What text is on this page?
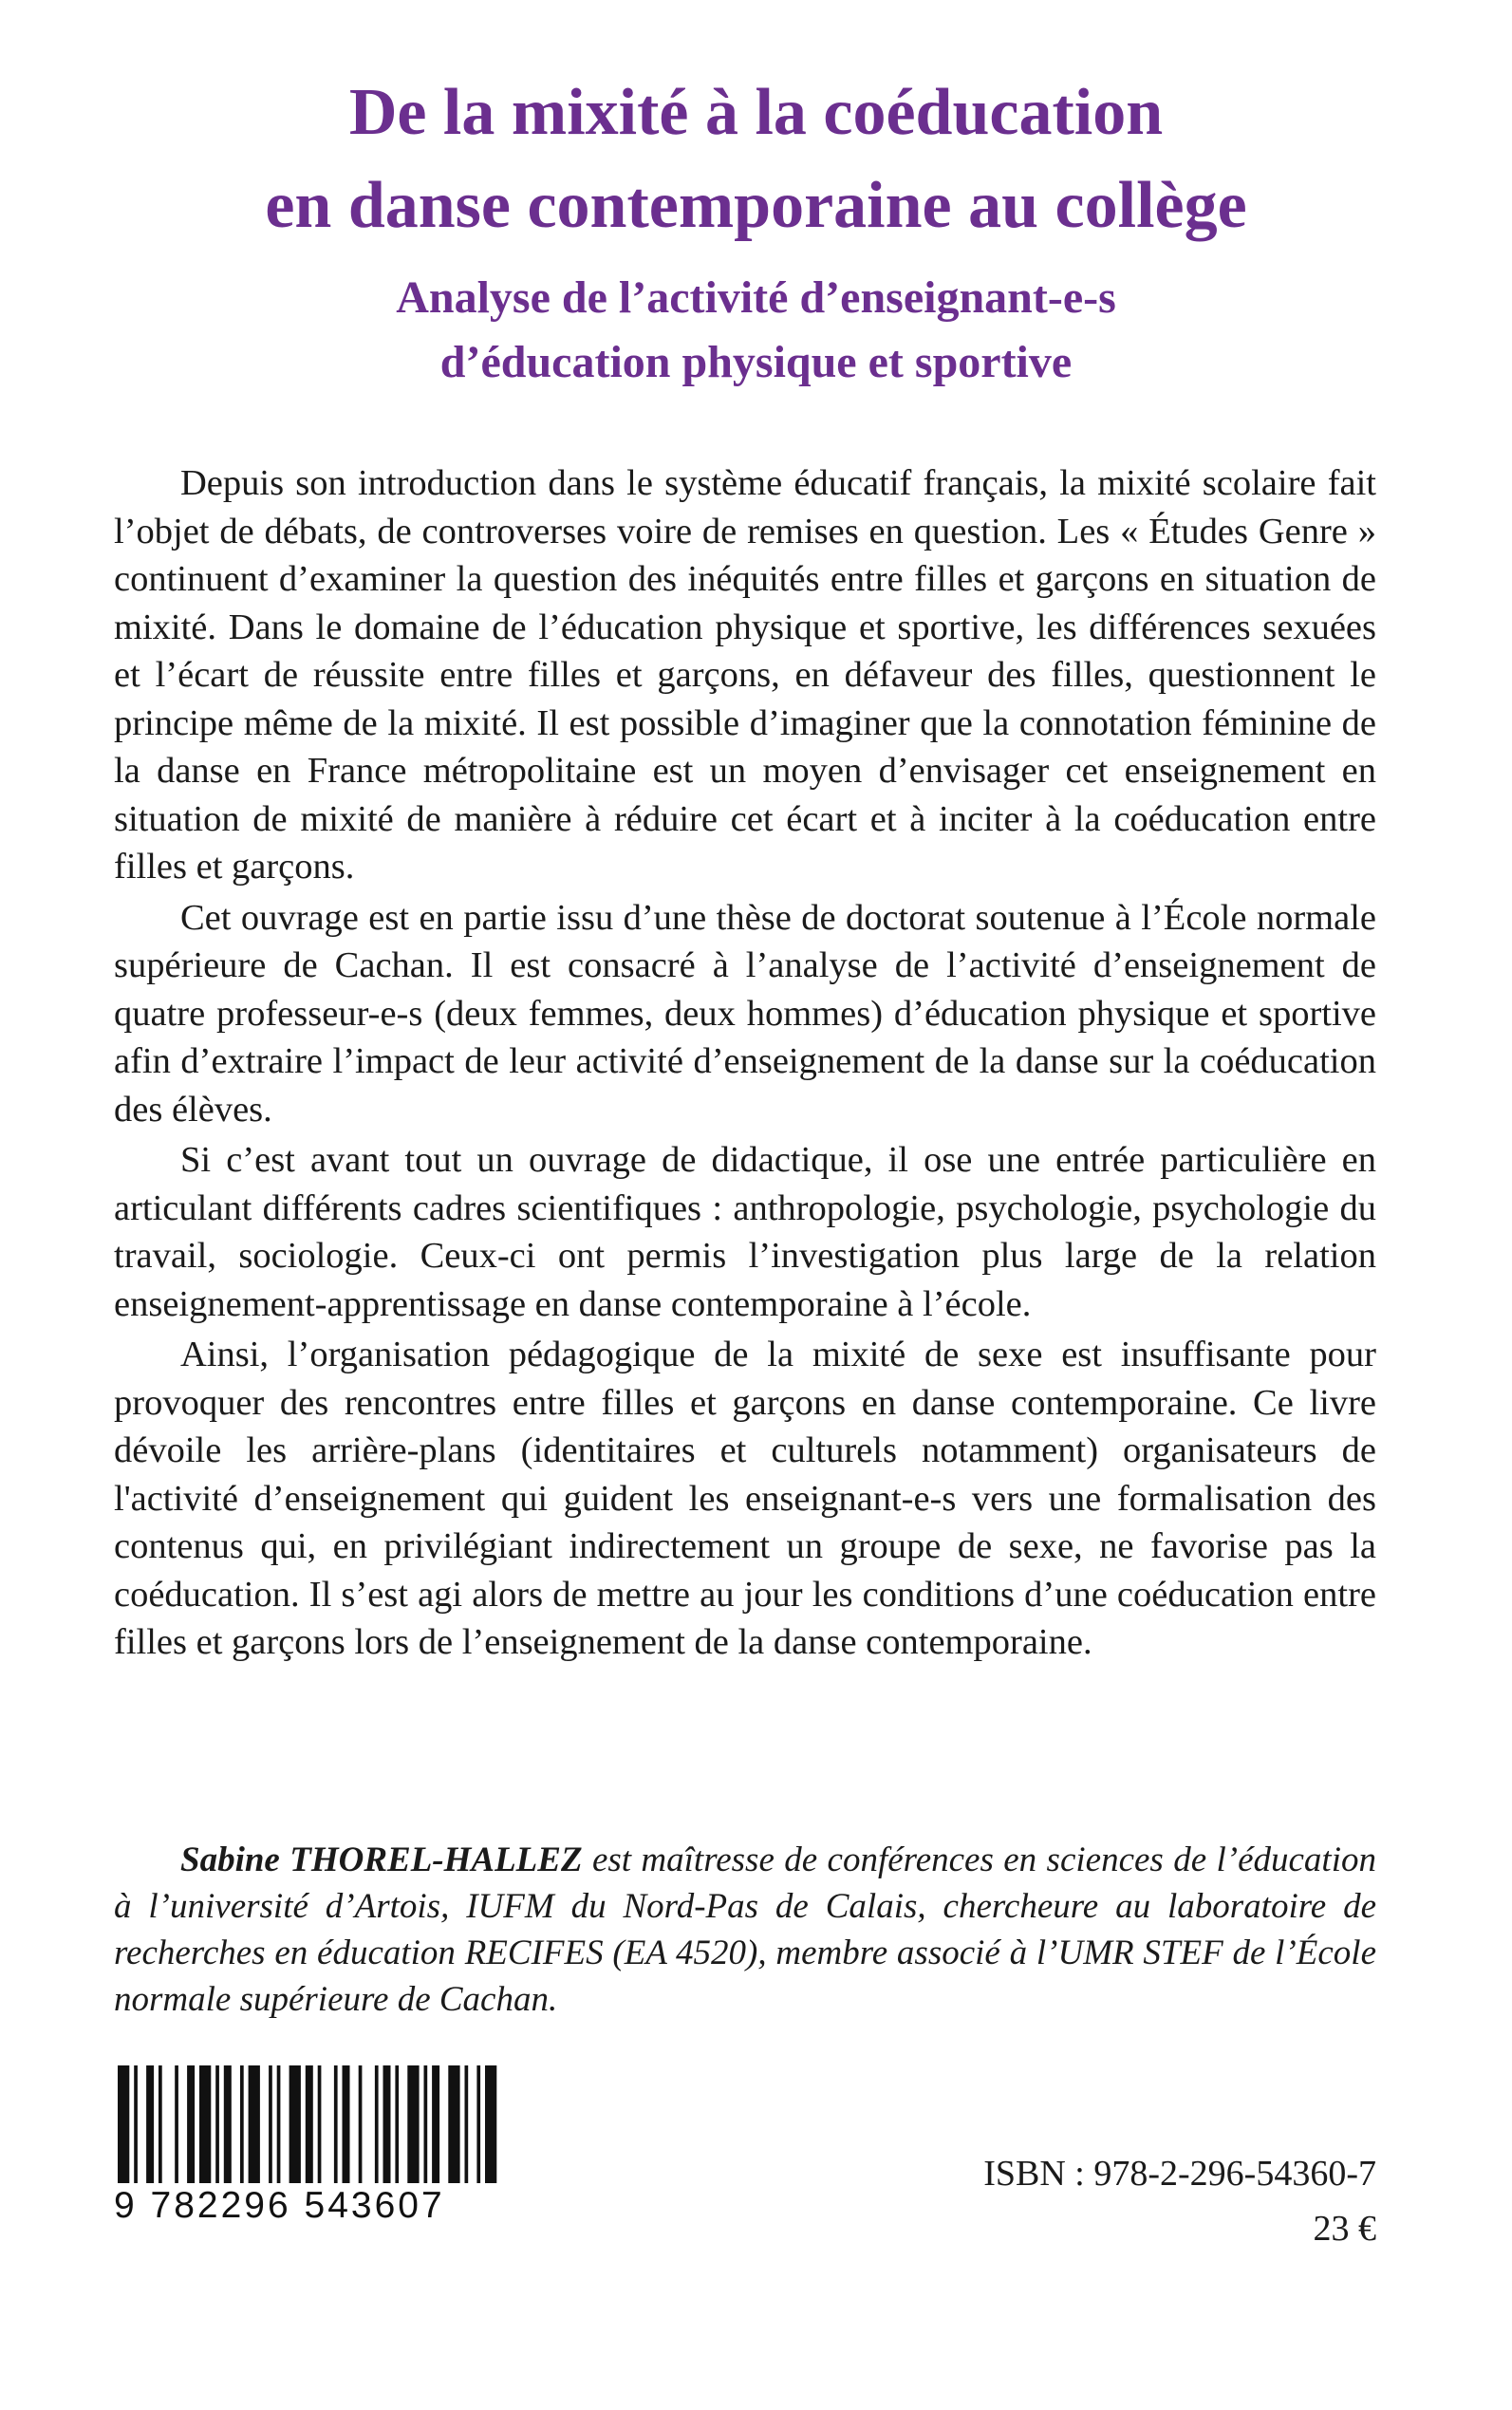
De la mixité à la coéducation
en danse contemporaine au collège
Analyse de l’activité d’enseignant-e-s
d’éducation physique et sportive

Depuis son introduction dans le système éducatif français, la mixité scolaire fait l’objet de débats, de controverses voire de remises en question. Les « Études Genre » continuent d’examiner la question des inéquités entre filles et garçons en situation de mixité. Dans le domaine de l’éducation physique et sportive, les différences sexuées et l’écart de réussite entre filles et garçons, en défaveur des filles, questionnent le principe même de la mixité. Il est possible d’imaginer que la connotation féminine de la danse en France métropolitaine est un moyen d’envisager cet enseignement en situation de mixité de manière à réduire cet écart et à inciter à la coéducation entre filles et garçons.

Cet ouvrage est en partie issu d’une thèse de doctorat soutenue à l’École normale supérieure de Cachan. Il est consacré à l’analyse de l’activité d’enseignement de quatre professeur-e-s (deux femmes, deux hommes) d’éducation physique et sportive afin d’extraire l’impact de leur activité d’enseignement de la danse sur la coéducation des élèves.

Si c’est avant tout un ouvrage de didactique, il ose une entrée particulière en articulant différents cadres scientifiques : anthropologie, psychologie, psychologie du travail, sociologie. Ceux-ci ont permis l’investigation plus large de la relation enseignement-apprentissage en danse contemporaine à l’école.

Ainsi, l’organisation pédagogique de la mixité de sexe est insuffisante pour provoquer des rencontres entre filles et garçons en danse contemporaine. Ce livre dévoile les arrière-plans (identitaires et culturels notamment) organisateurs de l'activité d’enseignement qui guident les enseignant-e-s vers une formalisation des contenus qui, en privilégiant indirectement un groupe de sexe, ne favorise pas la coéducation. Il s’est agi alors de mettre au jour les conditions d’une coéducation entre filles et garçons lors de l’enseignement de la danse contemporaine.

Sabine THOREL-HALLEZ est maîtresse de conférences en sciences de l’éducation à l’université d’Artois, IUFM du Nord-Pas de Calais, chercheure au laboratoire de recherches en éducation RECIFES (EA 4520), membre associé à l’UMR STEF de l’École normale supérieure de Cachan.

9 782296 543607

ISBN : 978-2-296-54360-7

23 €
